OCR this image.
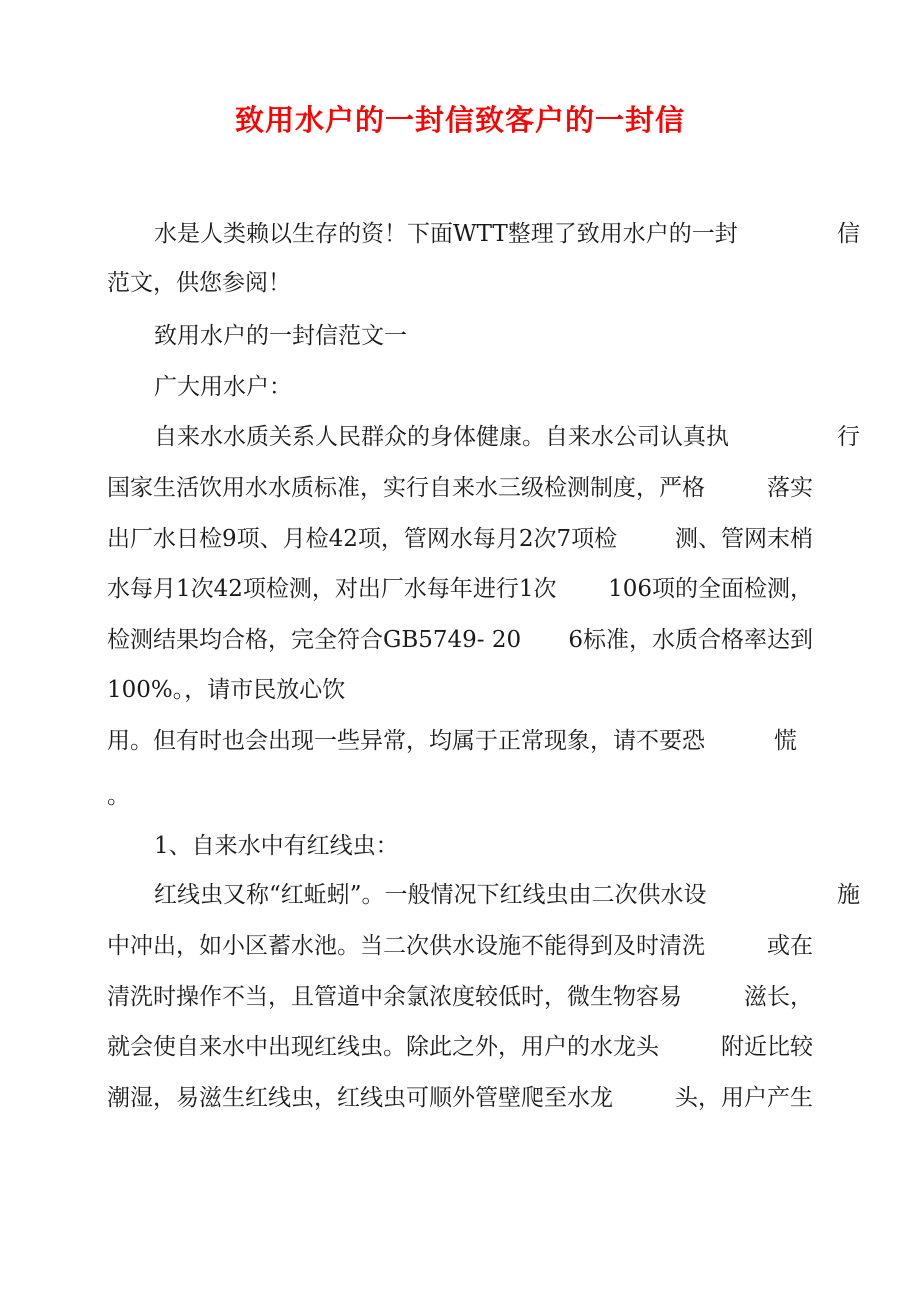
致用水户的一封信致客户的一封信
水是人类赖以生存的资！下面WTT整理了致用水户的一封	信
范文，供您参阅！
致用水户的一封信范文一
广大用水户：
自来水水质关系人民群众的身体健康。自来水公司认真执	行
国家生活饮用水水质标准，实行自来水三级检测制度，严格	落实
出厂水日检9项、月检42项，管网水每月2次7项检	测、管网末梢
水每月1次42项检测，对出厂水每年进行1次 106项的全面检测，
检测结果均合格，完全符合GB5749- 20 6标准，水质合格率达到
100%。，请市民放心饮
用。但有时也会出现一些异常，均属于正常现象，请不要恐	慌
。
1、自来水中有红线虫：
红线虫又称“红蚯蚓”。一般情况下红线虫由二次供水设	施
中冲出，如小区蓄水池。当二次供水设施不能得到及时清洗	或在
清洗时操作不当，且管道中余氯浓度较低时，微生物容易	滋长，
就会使自来水中出现红线虫。除此之外，用户的水龙头	附近比较
潮湿，易滋生红线虫，红线虫可顺外管壁爬至水龙	头，用户产生
